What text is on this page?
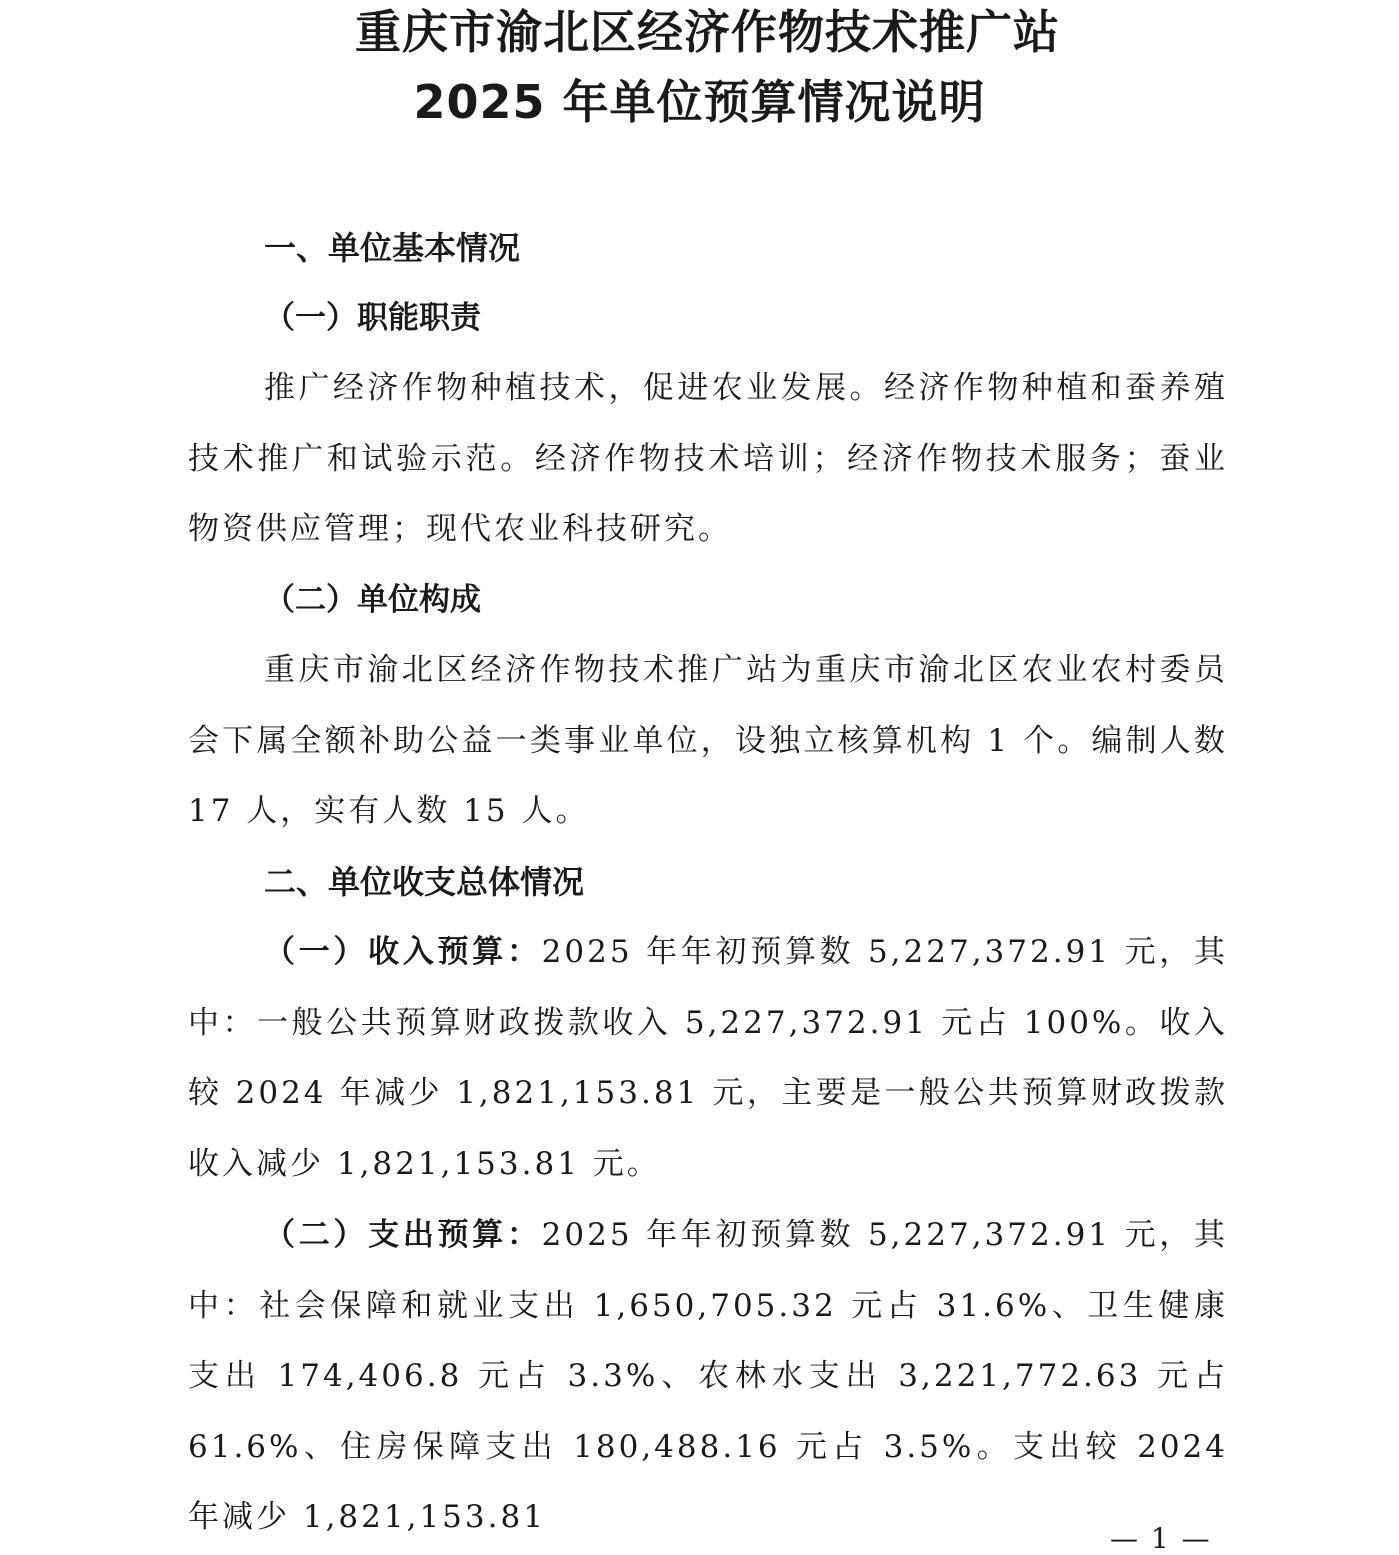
重庆市渝北区经济作物技术推广站
2025 年单位预算情况说明
一、单位基本情况
（一）职能职责

推广经济作物种植技术，促进农业发展。经济作物种植和蚕养殖技术推广和试验示范。经济作物技术培训；经济作物技术服务；蚕业物资供应管理；现代农业科技研究。

（二）单位构成

重庆市渝北区经济作物技术推广站为重庆市渝北区农业农村委员会下属全额补助公益一类事业单位，设独立核算机构 1 个。编制人数 17 人，实有人数 15 人。

二、单位收支总体情况

（一）收入预算：2025 年年初预算数 5,227,372.91 元，其中：一般公共预算财政拨款收入 5,227,372.91 元占 100%。收入较 2024 年减少 1,821,153.81 元，主要是一般公共预算财政拨款收入减少 1,821,153.81 元。

（二）支出预算：2025 年年初预算数 5,227,372.91 元，其中：社会保障和就业支出 1,650,705.32 元占 31.6%、卫生健康支出 174,406.8 元占 3.3%、农林水支出 3,221,772.63 元占 61.6%、住房保障支出 180,488.16 元占 3.5%。支出较 2024 年减少 1,821,153.81

— 1 —
